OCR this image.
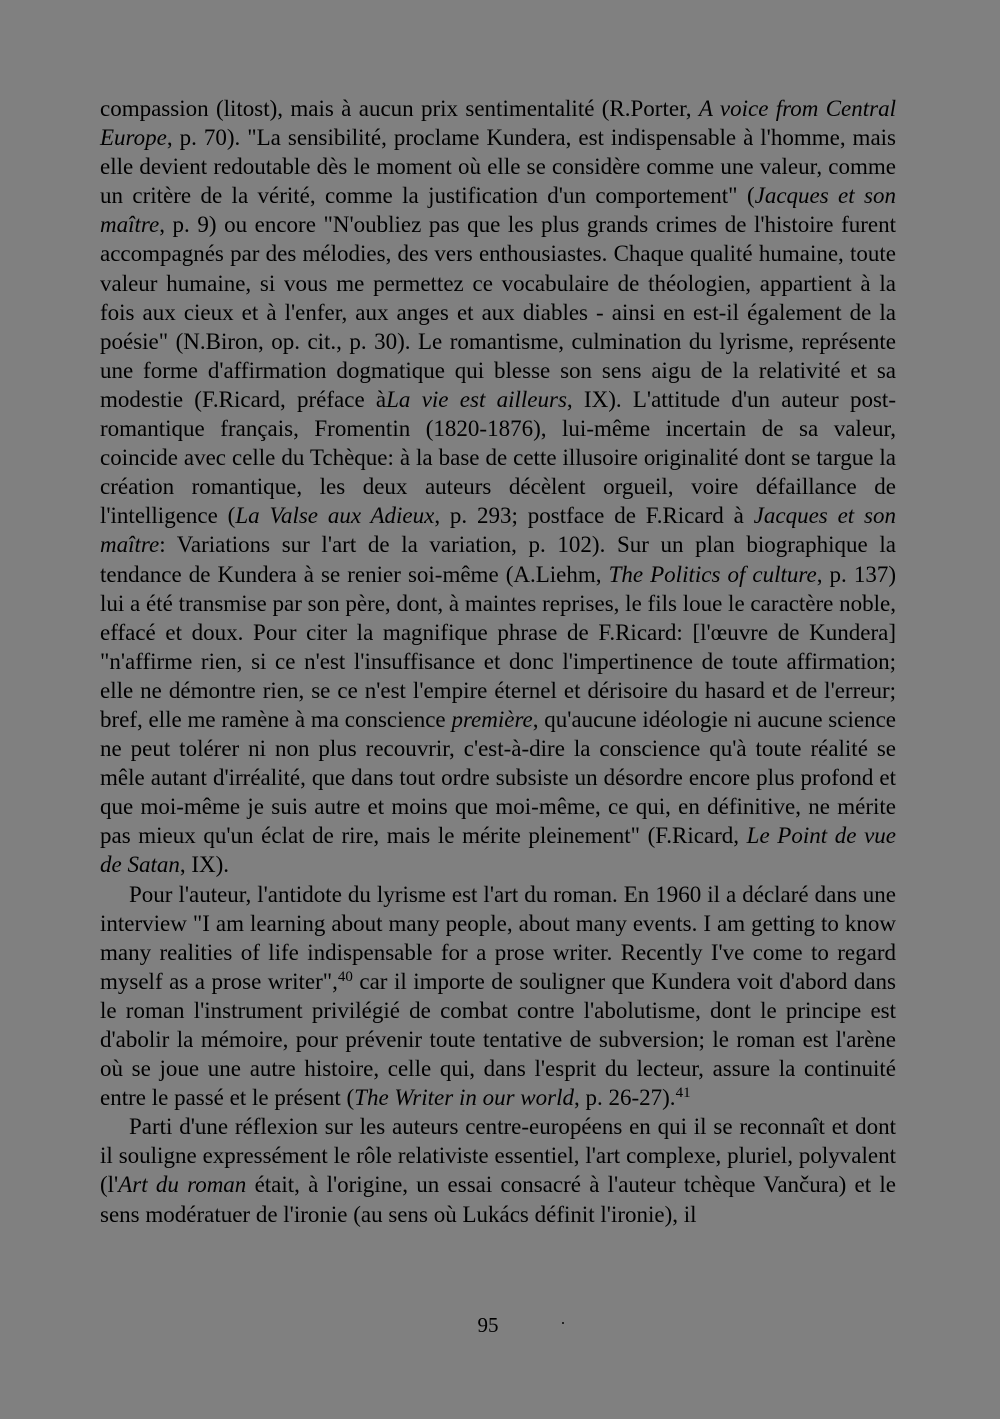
compassion (litost), mais à aucun prix sentimentalité (R.Porter, A voice from Central Europe, p. 70). "La sensibilité, proclame Kundera, est indispensable à l'homme, mais elle devient redoutable dès le moment où elle se considère comme une valeur, comme un critère de la vérité, comme la justification d'un comportement" (Jacques et son maître, p. 9) ou encore "N'oubliez pas que les plus grands crimes de l'histoire furent accompagnés par des mélodies, des vers enthousiastes. Chaque qualité humaine, toute valeur humaine, si vous me permettez ce vocabulaire de théologien, appartient à la fois aux cieux et à l'enfer, aux anges et aux diables - ainsi en est-il également de la poésie" (N.Biron, op. cit., p. 30). Le romantisme, culmination du lyrisme, représente une forme d'affirmation dogmatique qui blesse son sens aigu de la relativité et sa modestie (F.Ricard, préface àLa vie est ailleurs, IX). L'attitude d'un auteur post-romantique français, Fromentin (1820-1876), lui-même incertain de sa valeur, coincide avec celle du Tchèque: à la base de cette illusoire originalité dont se targue la création romantique, les deux auteurs décèlent orgueil, voire défaillance de l'intelligence (La Valse aux Adieux, p. 293; postface de F.Ricard à Jacques et son maître: Variations sur l'art de la variation, p. 102). Sur un plan biographique la tendance de Kundera à se renier soi-même (A.Liehm, The Politics of culture, p. 137) lui a été transmise par son père, dont, à maintes reprises, le fils loue le caractère noble, effacé et doux. Pour citer la magnifique phrase de F.Ricard: [l'œuvre de Kundera] "n'affirme rien, si ce n'est l'insuffisance et donc l'impertinence de toute affirmation; elle ne démontre rien, se ce n'est l'empire éternel et dérisoire du hasard et de l'erreur; bref, elle me ramène à ma conscience première, qu'aucune idéologie ni aucune science ne peut tolérer ni non plus recouvrir, c'est-à-dire la conscience qu'à toute réalité se mêle autant d'irréalité, que dans tout ordre subsiste un désordre encore plus profond et que moi-même je suis autre et moins que moi-même, ce qui, en définitive, ne mérite pas mieux qu'un éclat de rire, mais le mérite pleinement" (F.Ricard, Le Point de vue de Satan, IX).

Pour l'auteur, l'antidote du lyrisme est l'art du roman. En 1960 il a déclaré dans une interview "I am learning about many people, about many events. I am getting to know many realities of life indispensable for a prose writer. Recently I've come to regard myself as a prose writer",$^{40}$ car il importe de souligner que Kundera voit d'abord dans le roman l'instrument privilégié de combat contre l'abolutisme, dont le principe est d'abolir la mémoire, pour prévenir toute tentative de subversion; le roman est l'arène où se joue une autre histoire, celle qui, dans l'esprit du lecteur, assure la continuité entre le passé et le présent (The Writer in our world, p. 26-27).$^{41}$

Parti d'une réflexion sur les auteurs centre-européens en qui il se reconnaît et dont il souligne expressément le rôle relativiste essentiel, l'art complexe, pluriel, polyvalent (l'Art du roman était, à l'origine, un essai consacré à l'auteur tchèque Vančura) et le sens modératuer de l'ironie (au sens où Lukács définit l'ironie), il

95
